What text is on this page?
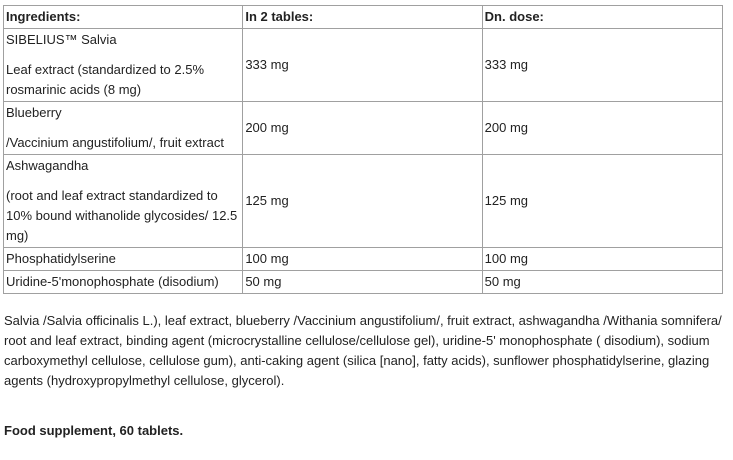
Ingredients:	In 2 tables:	Dn. dose:

SIBELIUS™ Salvia
Leaf extract (standardized to 2.5% rosmarinic acids (8 mg)	333 mg	333 mg

Blueberry
/Vaccinium angustifolium/, fruit extract	200 mg	200 mg

Ashwagandha
(root and leaf extract standardized to 10% bound withanolide glycosides/ 12.5 mg)	125 mg	125 mg
Phosphatidylserine	100 mg	100 mg
Uridine-5'monophosphate (disodium)	50 mg	50 mg

Salvia /Salvia officinalis L.), leaf extract, blueberry /Vaccinium angustifolium/, fruit extract, ashwagandha /Withania somnifera/ root and leaf extract, binding agent (microcrystalline cellulose/cellulose gel), uridine-5' monophosphate ( disodium), sodium carboxymethyl cellulose, cellulose gum), anti-caking agent (silica [nano], fatty acids), sunflower phosphatidylserine, glazing agents (hydroxypropylmethyl cellulose, glycerol).

Food supplement, 60 tablets.
